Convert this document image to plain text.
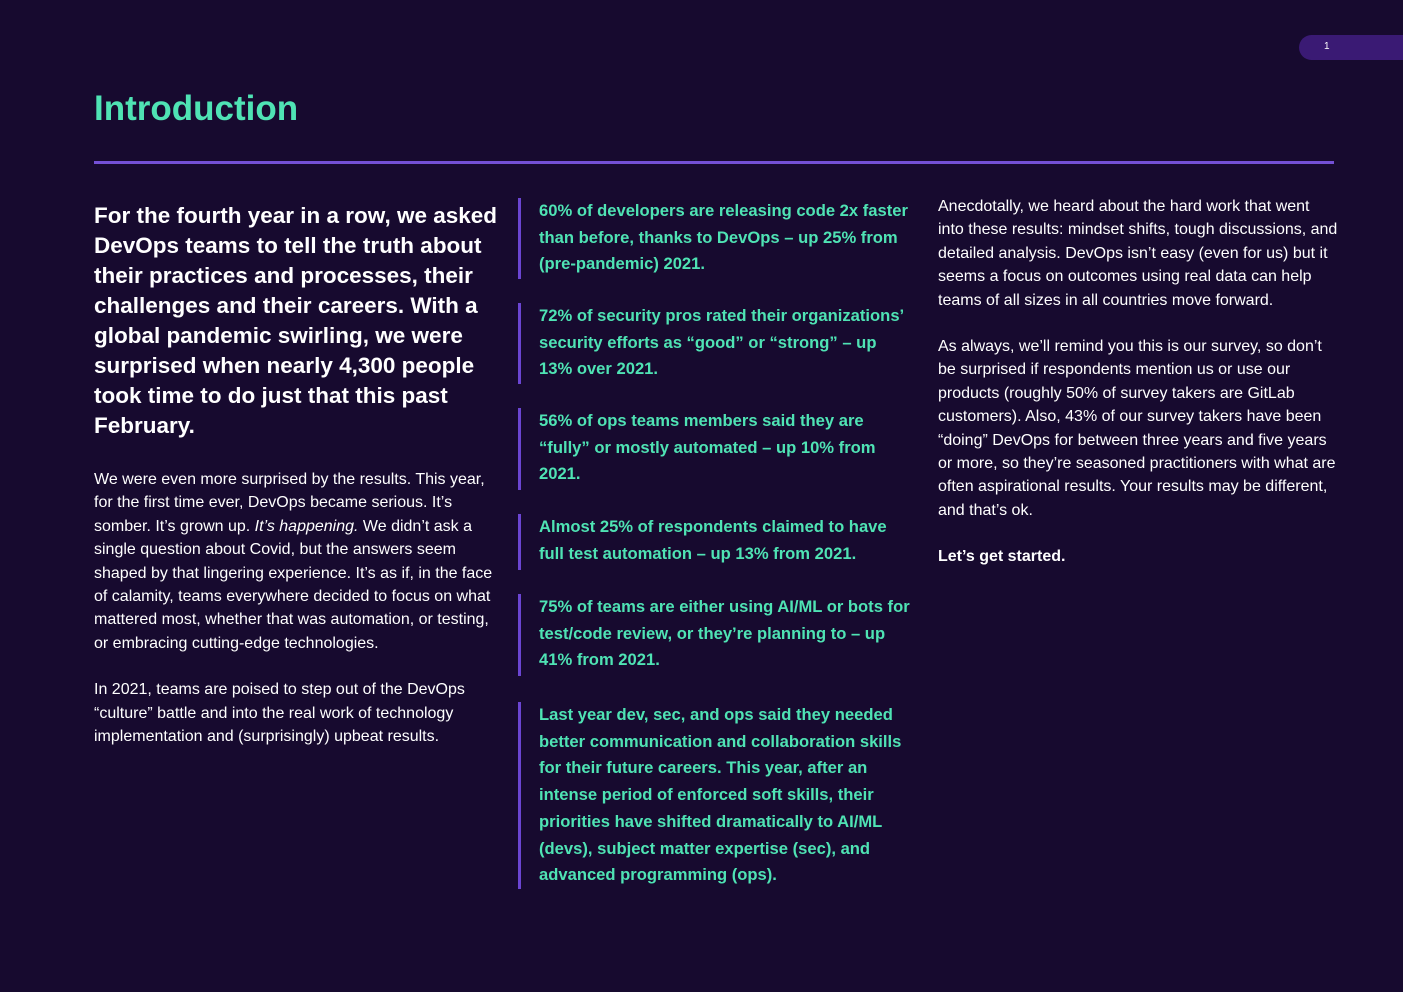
1
Introduction

For the fourth year in a row, we asked DevOps teams to tell the truth about their practices and processes, their challenges and their careers. With a global pandemic swirling, we were surprised when nearly 4,300 people took time to do just that this past February.

We were even more surprised by the results. This year, for the first time ever, DevOps became serious. It’s somber. It’s grown up. It’s happening. We didn’t ask a single question about Covid, but the answers seem shaped by that lingering experience. It’s as if, in the face of calamity, teams everywhere decided to focus on what mattered most, whether that was automation, or testing, or embracing cutting-edge technologies.

In 2021, teams are poised to step out of the DevOps “culture” battle and into the real work of technology implementation and (surprisingly) upbeat results.

60% of developers are releasing code 2x faster than before, thanks to DevOps – up 25% from (pre-pandemic) 2021.
72% of security pros rated their organizations’ security efforts as “good” or “strong” – up 13% over 2021.
56% of ops teams members said they are “fully” or mostly automated – up 10% from 2021.
Almost 25% of respondents claimed to have full test automation – up 13% from 2021.
75% of teams are either using AI/ML or bots for test/code review, or they’re planning to – up 41% from 2021.
Last year dev, sec, and ops said they needed better communication and collaboration skills for their future careers. This year, after an intense period of enforced soft skills, their priorities have shifted dramatically to AI/ML (devs), subject matter expertise (sec), and advanced programming (ops).

Anecdotally, we heard about the hard work that went into these results: mindset shifts, tough discussions, and detailed analysis. DevOps isn’t easy (even for us) but it seems a focus on outcomes using real data can help teams of all sizes in all countries move forward.

As always, we’ll remind you this is our survey, so don’t be surprised if respondents mention us or use our products (roughly 50% of survey takers are GitLab customers). Also, 43% of our survey takers have been “doing” DevOps for between three years and five years or more, so they’re seasoned practitioners with what are often aspirational results. Your results may be different, and that’s ok.

Let’s get started.
